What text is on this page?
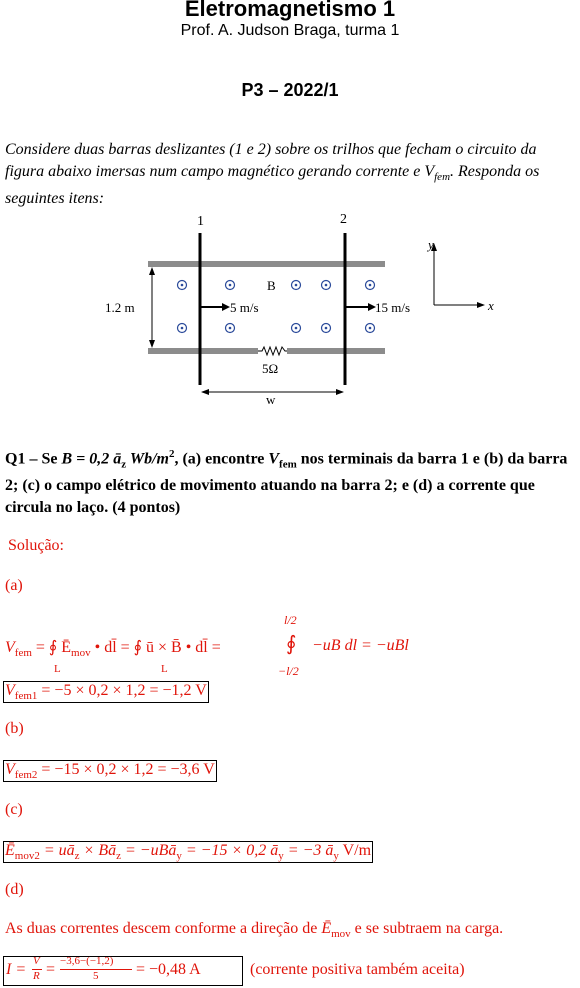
Eletromagnetismo 1
Prof. A. Judson Braga, turma 1
P3 – 2022/1
Considere duas barras deslizantes (1 e 2) sobre os trilhos que fecham o circuito da figura abaixo imersas num campo magnético gerando corrente e $V_{fem}$. Responda os seguintes itens:
5Ω
1	2
B
5 m/s	15 m/s
1.2 m
w
y
x
Q1 – Se B = 0,2 $ā_z$ $Wb/m^2$, (a) encontre $V_{fem}$ nos terminais da barra 1 e (b) da barra 2; (c) o campo elétrico de movimento atuando na barra 2; e (d) a corrente que circula no laço. (4 pontos)
Solução:
(a)
$V_{fem}$ = ∮ $Ē_{mov}$ • dl̄ = ∮ ū × B̄ • dl̄ =
L	L
l/2
∮
−l/2
−uB dl = −uBl
$V_{fem1} = -5 \times 0,2 \times 1,2 = -1,2$ V
(b)
$V_{fem2} = -15 \times 0,2 \times 1,2 = -3,6$ V
(c)
$Ē_{mov2}$ = $uā_z$ × $Bā_z$ = −uBā$_y$ = −15 × 0,2 $ā_y = -3$ $ā_y$ V/m
(d)
As duas correntes descem conforme a direção de $Ē_{mov}$ e se subtraem na carga.
I = V
R = −3,6−(−1,2)
5 = −0,48 A	(corrente positiva também aceita)
